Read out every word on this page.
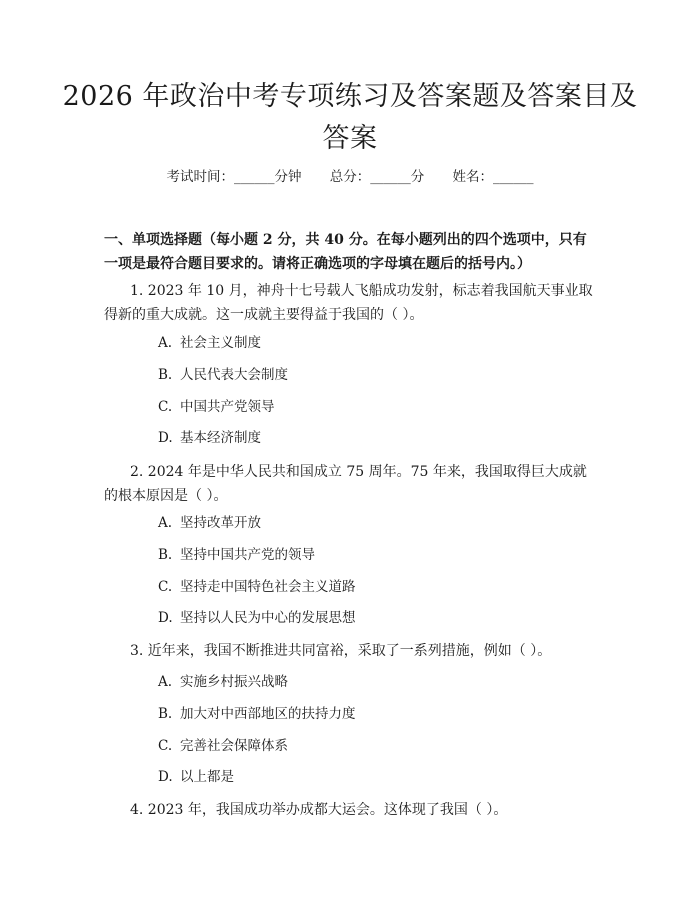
2026 年政治中考专项练习及答案题及答案目及答案
考试时间：______分钟 总分：______分 姓名：______
一、单项选择题（每小题 2 分，共 40 分。在每小题列出的四个选项中，只有一项是最符合题目要求的。请将正确选项的字母填在题后的括号内。）
1. 2023 年 10 月，神舟十七号载人飞船成功发射，标志着我国航天事业取得新的重大成就。这一成就主要得益于我国的（ ）。
A. 社会主义制度
B. 人民代表大会制度
C. 中国共产党领导
D. 基本经济制度
2. 2024 年是中华人民共和国成立 75 周年。75 年来，我国取得巨大成就的根本原因是（ ）。
A. 坚持改革开放
B. 坚持中国共产党的领导
C. 坚持走中国特色社会主义道路
D. 坚持以人民为中心的发展思想
3. 近年来，我国不断推进共同富裕，采取了一系列措施，例如（ ）。
A. 实施乡村振兴战略
B. 加大对中西部地区的扶持力度
C. 完善社会保障体系
D. 以上都是
4. 2023 年，我国成功举办成都大运会。这体现了我国（ ）。
